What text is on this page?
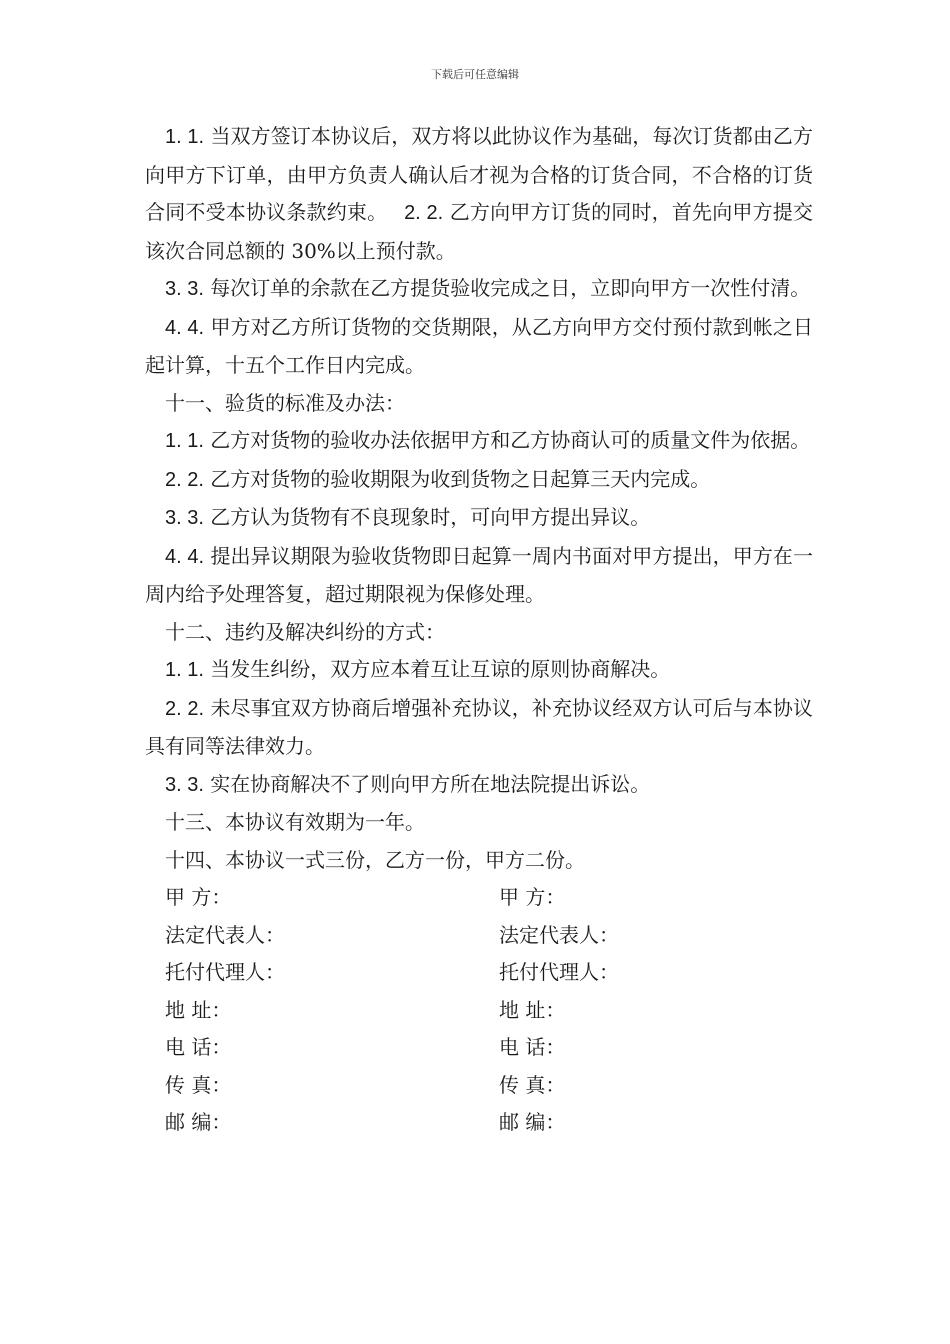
下载后可任意编辑

1. 1. 当双方签订本协议后，双方将以此协议作为基础，每次订货都由乙方向甲方下订单，由甲方负责人确认后才视为合格的订货合同，不合格的订货合同不受本协议条款约束。　 2. 2. 乙方向甲方订货的同时，首先向甲方提交该次合同总额的 30%以上预付款。

3. 3. 每次订单的余款在乙方提货验收完成之日，立即向甲方一次性付清。

4. 4. 甲方对乙方所订货物的交货期限，从乙方向甲方交付预付款到帐之日起计算，十五个工作日内完成。

十一、验货的标准及办法：

1. 1. 乙方对货物的验收办法依据甲方和乙方协商认可的质量文件为依据。

2. 2. 乙方对货物的验收期限为收到货物之日起算三天内完成。

3. 3. 乙方认为货物有不良现象时，可向甲方提出异议。

4. 4. 提出异议期限为验收货物即日起算一周内书面对甲方提出，甲方在一周内给予处理答复，超过期限视为保修处理。

十二、违约及解决纠纷的方式：

1. 1. 当发生纠纷，双方应本着互让互谅的原则协商解决。

2. 2. 未尽事宜双方协商后增强补充协议，补充协议经双方认可后与本协议具有同等法律效力。

3. 3. 实在协商解决不了则向甲方所在地法院提出诉讼。

十三、本协议有效期为一年。

十四、本协议一式三份，乙方一份，甲方二份。

甲 方：	甲 方：
法定代表人：	法定代表人：
托付代理人：	托付代理人：
地 址：	地 址：
电 话：	电 话：
传 真：	传 真：
邮 编：	邮 编：
